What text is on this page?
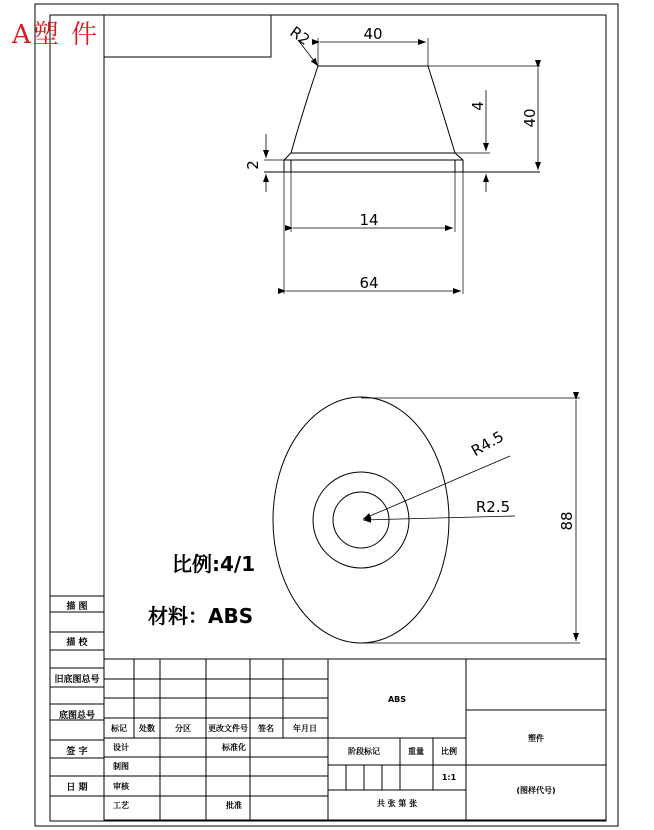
40
40
4
2
14
64
R2
R4.5
R2.5
88
标记 处数	分区 更改文件号 签名 年月日
设计
制图
审核
工艺
标准化
批准
ABS
阶段标记	重量 比例
1:1
共 张 第 张
塑件
(图样代号)
A塑 件
描 图
描 校
旧底图总号
底图总号
签 字
日 期
比例:4/1
材料：ABS
